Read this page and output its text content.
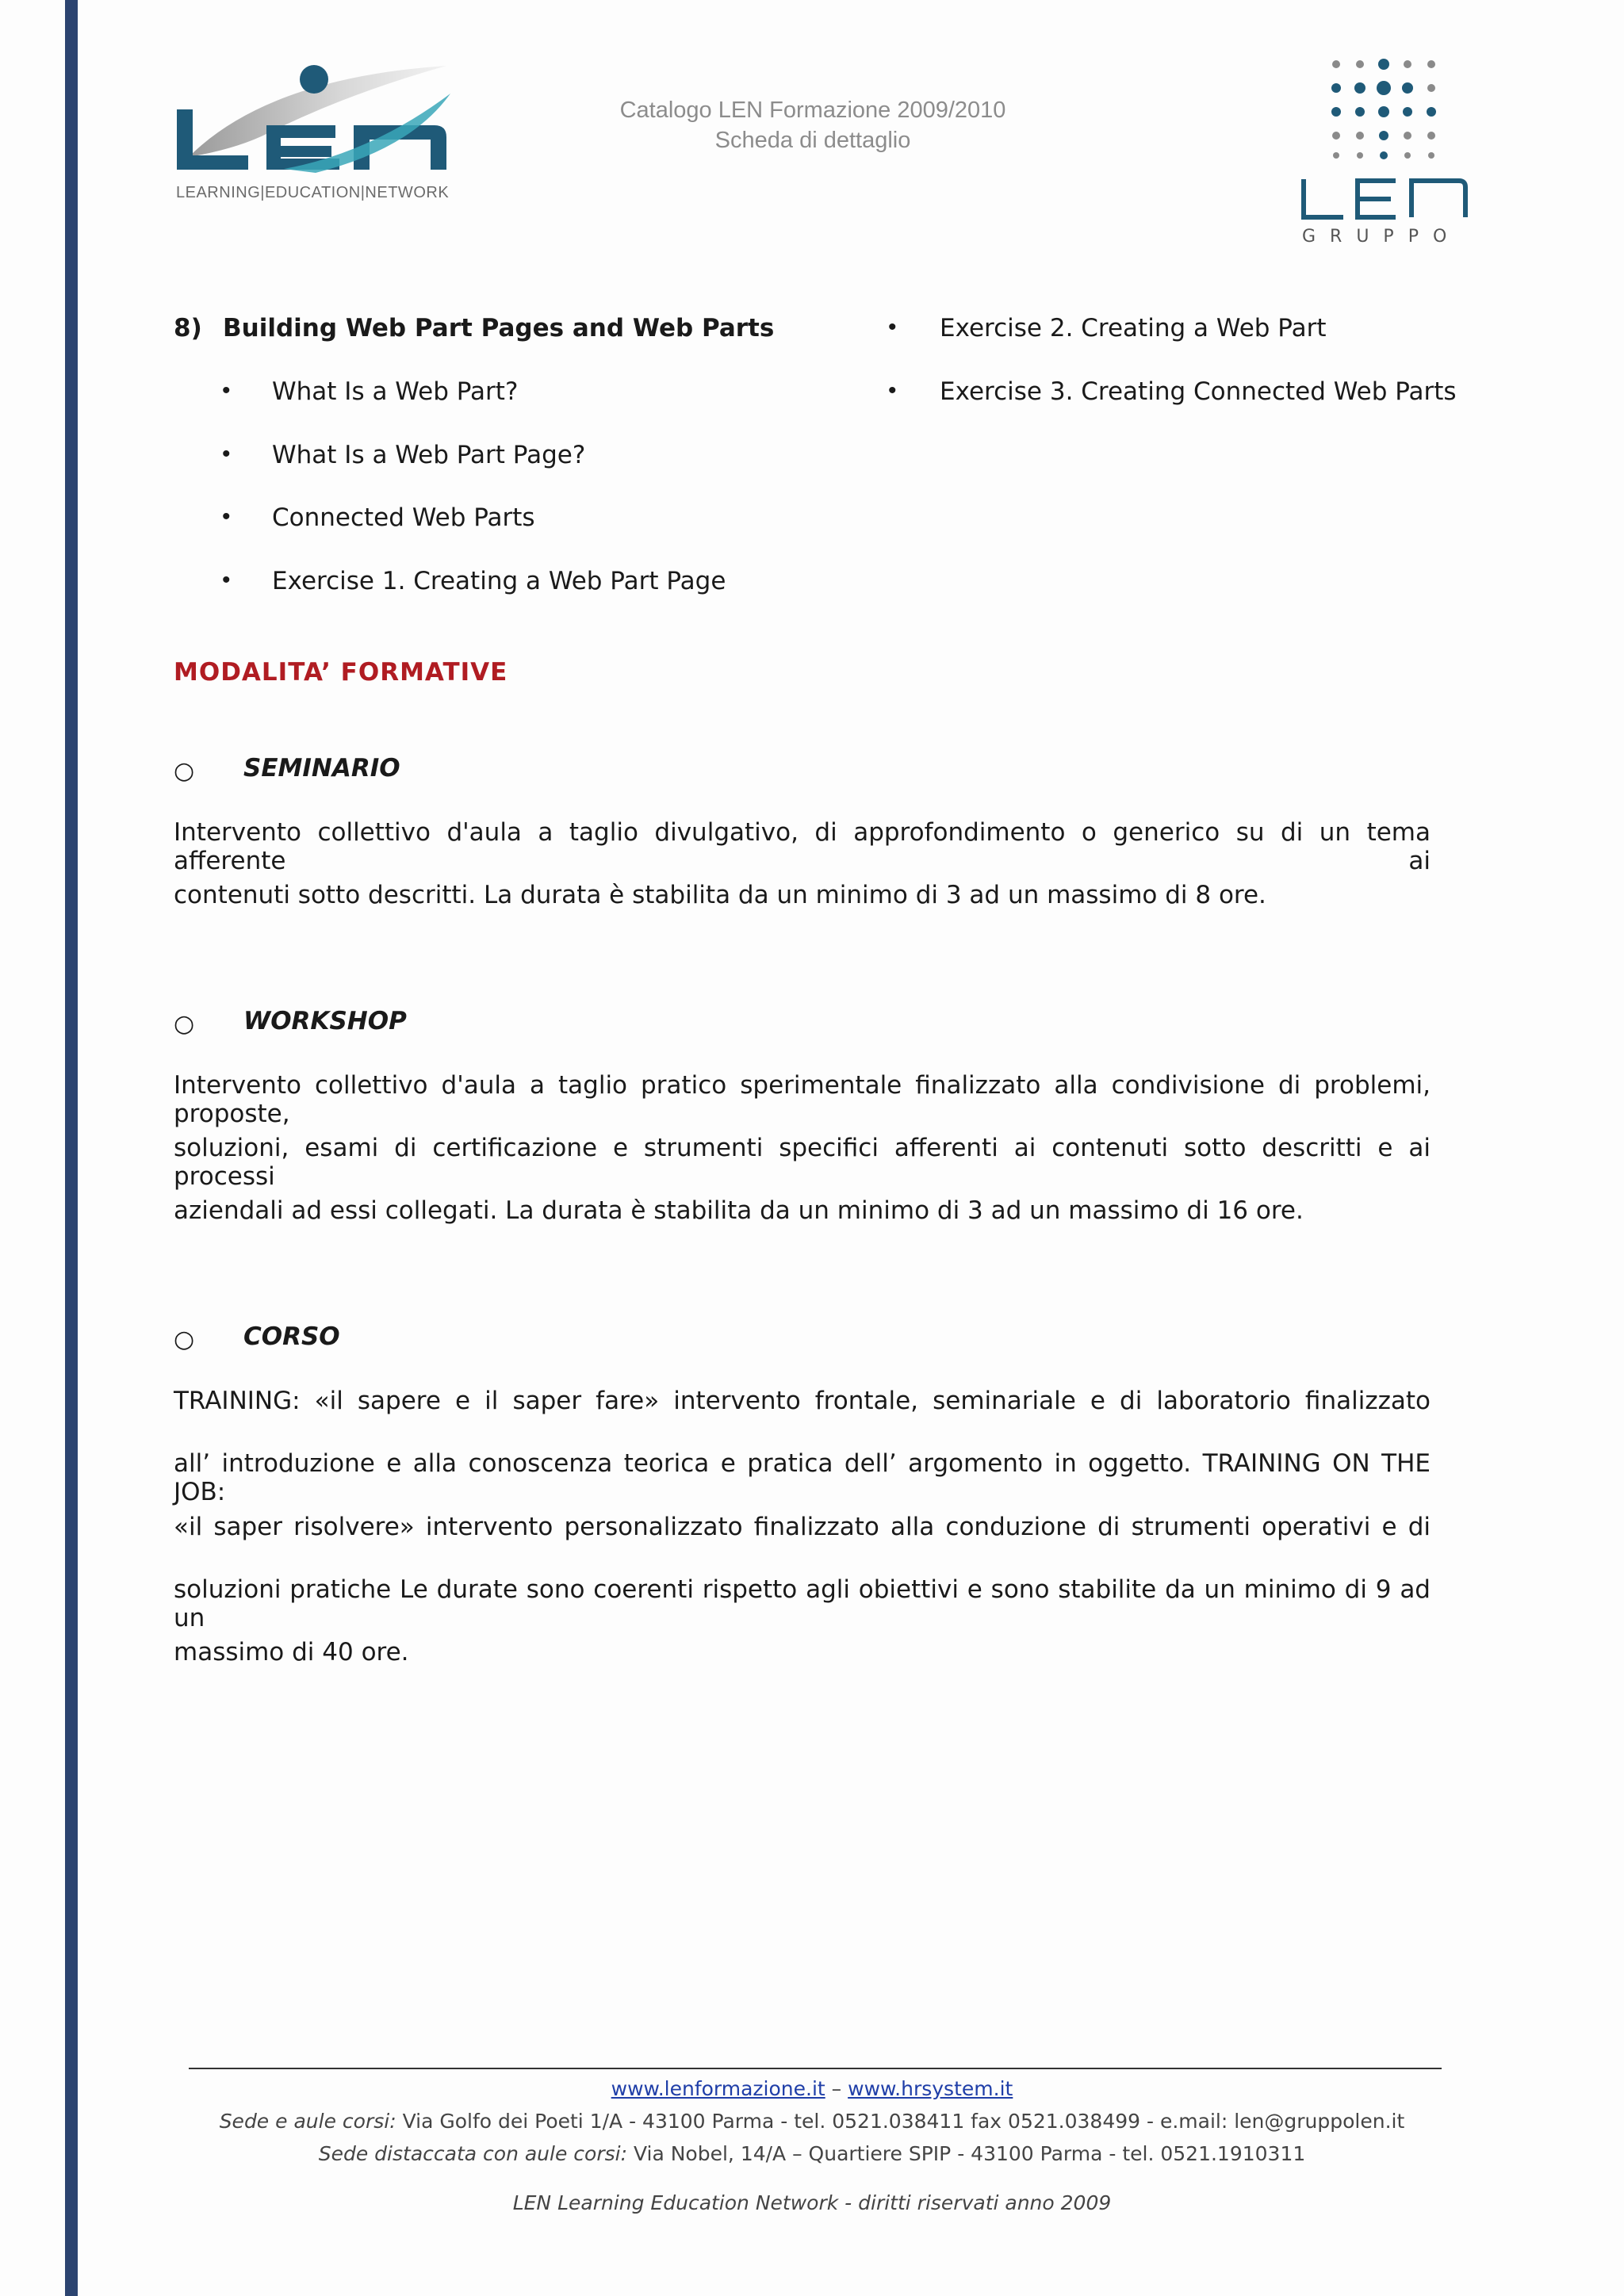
LEARNING|EDUCATION|NETWORK
Catalogo LEN Formazione 2009/2010
Scheda di dettaglio
GRUPPO
8) Building Web Part Pages and Web Parts
• What Is a Web Part?
• What Is a Web Part Page?
• Connected Web Parts
• Exercise 1. Creating a Web Part Page
• Exercise 2. Creating a Web Part
• Exercise 3. Creating Connected Web Parts
MODALITA’ FORMATIVE
○ SEMINARIO
Intervento collettivo d'aula a taglio divulgativo, di approfondimento o generico su di un tema afferente ai
contenuti sotto descritti. La durata è stabilita da un minimo di 3 ad un massimo di 8 ore.
○ WORKSHOP
Intervento collettivo d'aula a taglio pratico sperimentale finalizzato alla condivisione di problemi, proposte,
soluzioni, esami di certificazione e strumenti specifici afferenti ai contenuti sotto descritti e ai processi
aziendali ad essi collegati. La durata è stabilita da un minimo di 3 ad un massimo di 16 ore.
○ CORSO
TRAINING: «il sapere e il saper fare» intervento frontale, seminariale e di laboratorio finalizzato
all’ introduzione e alla conoscenza teorica e pratica dell’ argomento in oggetto. TRAINING ON THE JOB:
«il saper risolvere» intervento personalizzato finalizzato alla conduzione di strumenti operativi e di
soluzioni pratiche Le durate sono coerenti rispetto agli obiettivi e sono stabilite da un minimo di 9 ad un
massimo di 40 ore.
www.lenformazione.it – www.hrsystem.it
Sede e aule corsi: Via Golfo dei Poeti 1/A - 43100 Parma - tel. 0521.038411 fax 0521.038499 - e.mail: len@gruppolen.it
Sede distaccata con aule corsi: Via Nobel, 14/A – Quartiere SPIP - 43100 Parma - tel. 0521.1910311
LEN Learning Education Network - diritti riservati anno 2009
